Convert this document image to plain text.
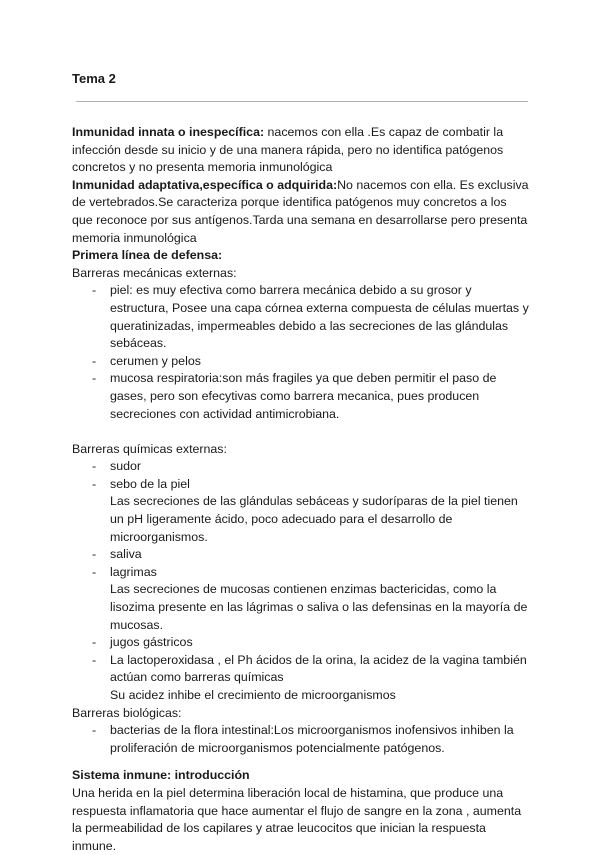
Tema 2

Inmunidad innata o inespecífica: nacemos con ella .Es capaz de combatir la infección desde su inicio y de una manera rápida, pero no identifica patógenos concretos y no presenta memoria inmunológica

Inmunidad adaptativa,específica o adquirida:No nacemos con ella. Es exclusiva de vertebrados.Se caracteriza porque identifica patógenos muy concretos a los que reconoce por sus antígenos.Tarda una semana en desarrollarse pero presenta memoria inmunológica

Primera línea de defensa:

Barreras mecánicas externas:

- piel: es muy efectiva como barrera mecánica debido a su grosor y estructura, Posee una capa córnea externa compuesta de células muertas y queratinizadas, impermeables debido a las secreciones de las glándulas sebáceas.
- cerumen y pelos
- mucosa respiratoria:son más fragiles ya que deben permitir el paso de gases, pero son efecytivas como barrera mecanica, pues producen secreciones con actividad antimicrobiana.

Barreras químicas externas:

- sudor
- sebo de la piel
Las secreciones de las glándulas sebáceas y sudoríparas de la piel tienen un pH ligeramente ácido, poco adecuado para el desarrollo de microorganismos.
- saliva
- lagrimas
Las secreciones de mucosas contienen enzimas bactericidas, como la lisozima presente en las lágrimas o saliva o las defensinas en la mayoría de mucosas.
- jugos gástricos
- La lactoperoxidasa , el Ph ácidos de la orina, la acidez de la vagina también actúan como barreras químicas
Su acidez inhibe el crecimiento de microorganismos

Barreras biológicas:

- bacterias de la flora intestinal:Los microorganismos inofensivos inhiben la proliferación de microorganismos potencialmente patógenos.

Sistema inmune: introducción

Una herida en la piel determina liberación local de histamina, que produce una respuesta inflamatoria que hace aumentar el flujo de sangre en la zona , aumenta la permeabilidad de los capilares y atrae leucocitos que inician la respuesta inmune.
